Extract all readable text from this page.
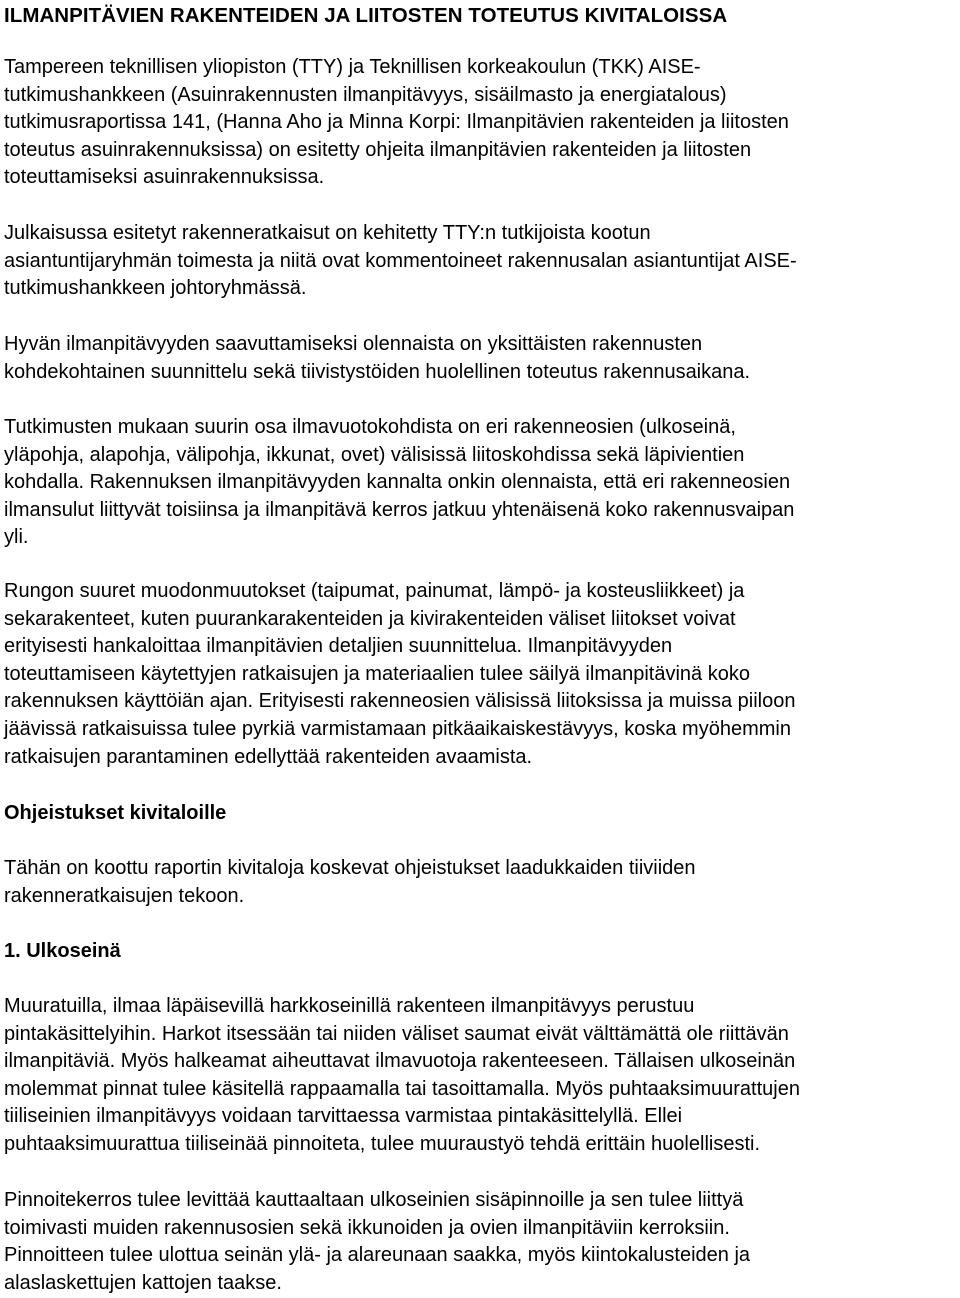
ILMANPITÄVIEN RAKENTEIDEN JA LIITOSTEN TOTEUTUS KIVITALOISSA

Tampereen teknillisen yliopiston (TTY) ja Teknillisen korkeakoulun (TKK) AISE-
tutkimushankkeen (Asuinrakennusten ilmanpitävyys, sisäilmasto ja energiatalous)
tutkimusraportissa 141, (Hanna Aho ja Minna Korpi: Ilmanpitävien rakenteiden ja liitosten
toteutus asuinrakennuksissa) on esitetty ohjeita ilmanpitävien rakenteiden ja liitosten
toteuttamiseksi asuinrakennuksissa.

Julkaisussa esitetyt rakenneratkaisut on kehitetty TTY:n tutkijoista kootun
asiantuntijaryhmän toimesta ja niitä ovat kommentoineet rakennusalan asiantuntijat AISE-
tutkimushankkeen johtoryhmässä.

Hyvän ilmanpitävyyden saavuttamiseksi olennaista on yksittäisten rakennusten
kohdekohtainen suunnittelu sekä tiivistystöiden huolellinen toteutus rakennusaikana.

Tutkimusten mukaan suurin osa ilmavuotokohdista on eri rakenneosien (ulkoseinä,
yläpohja, alapohja, välipohja, ikkunat, ovet) välisissä liitoskohdissa sekä läpivientien
kohdalla. Rakennuksen ilmanpitävyyden kannalta onkin olennaista, että eri rakenneosien
ilmansulut liittyvät toisiinsa ja ilmanpitävä kerros jatkuu yhtenäisenä koko rakennusvaipan
yli.

Rungon suuret muodonmuutokset (taipumat, painumat, lämpö- ja kosteusliikkeet) ja
sekarakenteet, kuten puurankarakenteiden ja kivirakenteiden väliset liitokset voivat
erityisesti hankaloittaa ilmanpitävien detaljien suunnittelua. Ilmanpitävyyden
toteuttamiseen käytettyjen ratkaisujen ja materiaalien tulee säilyä ilmanpitävinä koko
rakennuksen käyttöiän ajan. Erityisesti rakenneosien välisissä liitoksissa ja muissa piiloon
jäävissä ratkaisuissa tulee pyrkiä varmistamaan pitkäaikaiskestävyys, koska myöhemmin
ratkaisujen parantaminen edellyttää rakenteiden avaamista.

Ohjeistukset kivitaloille

Tähän on koottu raportin kivitaloja koskevat ohjeistukset laadukkaiden tiiviiden
rakenneratkaisujen tekoon.

1. Ulkoseinä

Muuratuilla, ilmaa läpäisevillä harkkoseinillä rakenteen ilmanpitävyys perustuu
pintakäsittelyihin. Harkot itsessään tai niiden väliset saumat eivät välttämättä ole riittävän
ilmanpitäviä. Myös halkeamat aiheuttavat ilmavuotoja rakenteeseen. Tällaisen ulkoseinän
molemmat pinnat tulee käsitellä rappaamalla tai tasoittamalla. Myös puhtaaksimuurattujen
tiiliseinien ilmanpitävyys voidaan tarvittaessa varmistaa pintakäsittelyllä. Ellei
puhtaaksimuurattua tiiliseinää pinnoiteta, tulee muuraustyö tehdä erittäin huolellisesti.

Pinnoitekerros tulee levittää kauttaaltaan ulkoseinien sisäpinnoille ja sen tulee liittyä
toimivasti muiden rakennusosien sekä ikkunoiden ja ovien ilmanpitäviin kerroksiin.
Pinnoitteen tulee ulottua seinän ylä- ja alareunaan saakka, myös kiintokalusteiden ja
alaslaskettujen kattojen taakse.
